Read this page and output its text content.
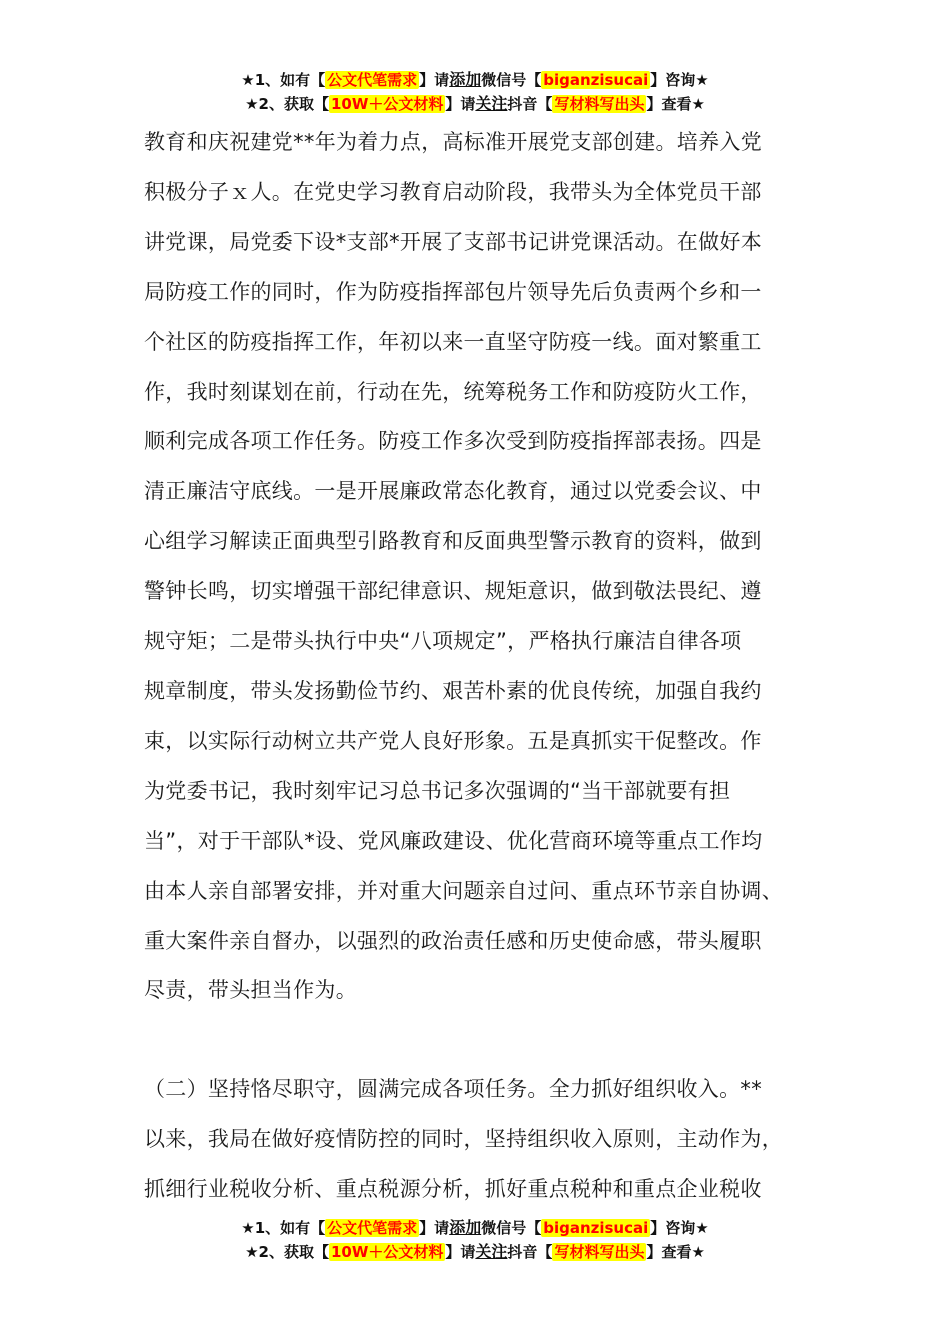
★1、如有【 公文代笔需求 】请添加微信号【 biganzisucai 】咨询★
★2、获取【 10W＋公文材料 】请关注抖音【 写材料写出头 】查看★

教育和庆祝建党**年为着力点，高标准开展党支部创建。培养入党
积极分子ｘ人。在党史学习教育启动阶段，我带头为全体党员干部
讲党课，局党委下设*支部*开展了支部书记讲党课活动。在做好本
局防疫工作的同时，作为防疫指挥部包片领导先后负责两个乡和一
个社区的防疫指挥工作，年初以来一直坚守防疫一线。面对繁重工
作，我时刻谋划在前，行动在先，统筹税务工作和防疫防火工作，
顺利完成各项工作任务。防疫工作多次受到防疫指挥部表扬。四是
清正廉洁守底线。一是开展廉政常态化教育，通过以党委会议、中
心组学习解读正面典型引路教育和反面典型警示教育的资料，做到
警钟长鸣，切实增强干部纪律意识、规矩意识，做到敬法畏纪、遵
规守矩；二是带头执行中央“八项规定”，严格执行廉洁自律各项
规章制度，带头发扬勤俭节约、艰苦朴素的优良传统，加强自我约
束，以实际行动树立共产党人良好形象。五是真抓实干促整改。作
为党委书记，我时刻牢记习总书记多次强调的“当干部就要有担
当”，对于干部队*设、党风廉政建设、优化营商环境等重点工作均
由本人亲自部署安排，并对重大问题亲自过问、重点环节亲自协调、
重大案件亲自督办，以强烈的政治责任感和历史使命感，带头履职
尽责，带头担当作为。

（二）坚持恪尽职守，圆满完成各项任务。全力抓好组织收入。**
以来，我局在做好疫情防控的同时，坚持组织收入原则，主动作为，
抓细行业税收分析、重点税源分析，抓好重点税种和重点企业税收

★1、如有【 公文代笔需求 】请添加微信号【 biganzisucai 】咨询★
★2、获取【 10W＋公文材料 】请关注抖音【 写材料写出头 】查看★
